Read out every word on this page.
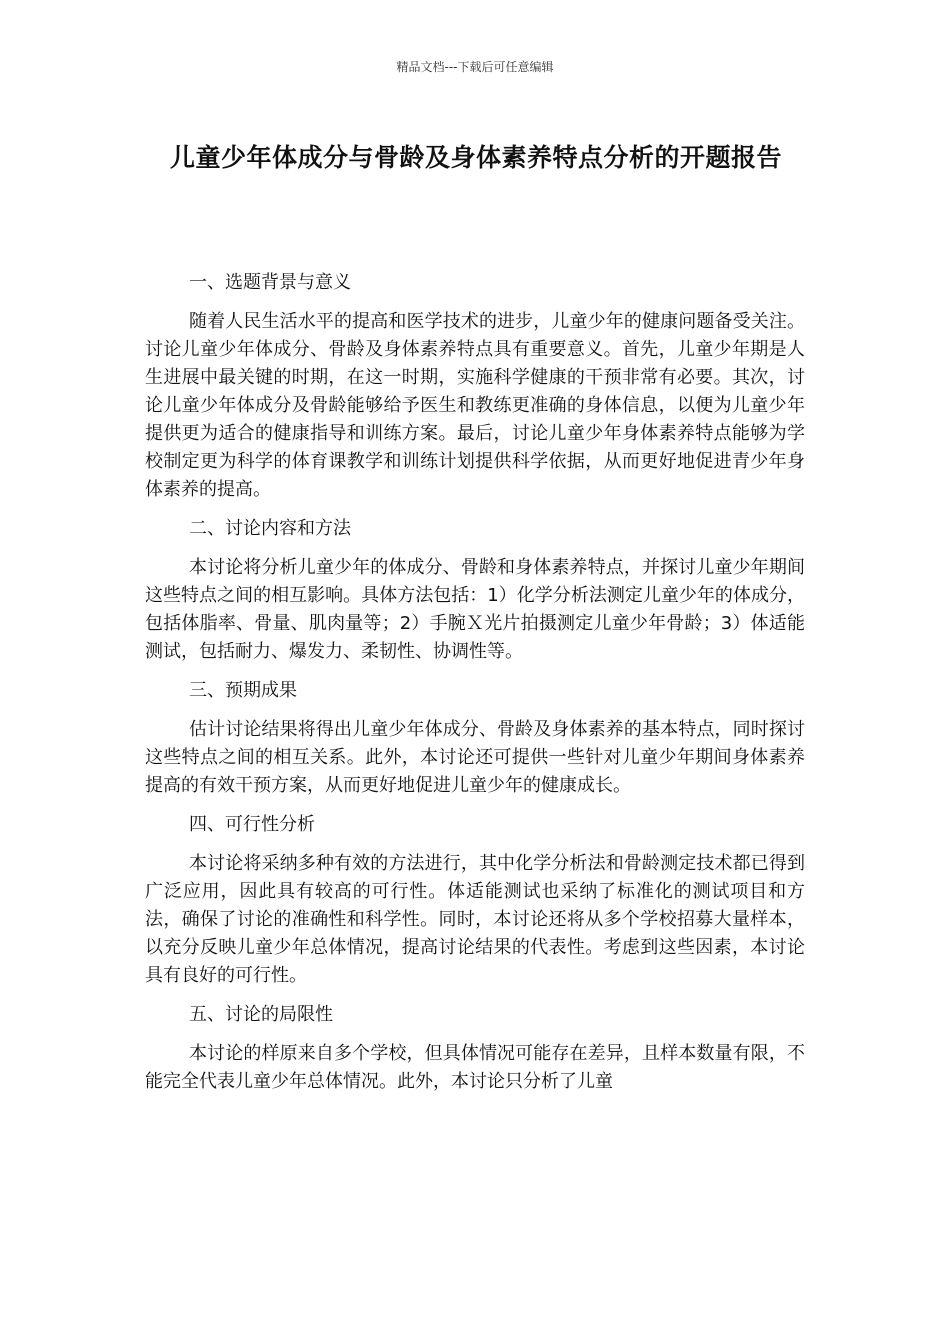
精品文档---下载后可任意编辑
儿童少年体成分与骨龄及身体素养特点分析的开题报告
一、选题背景与意义

随着人民生活水平的提高和医学技术的进步，儿童少年的健康问题备受关注。讨论儿童少年体成分、骨龄及身体素养特点具有重要意义。首先，儿童少年期是人生进展中最关键的时期，在这一时期，实施科学健康的干预非常有必要。其次，讨论儿童少年体成分及骨龄能够给予医生和教练更准确的身体信息，以便为儿童少年提供更为适合的健康指导和训练方案。最后，讨论儿童少年身体素养特点能够为学校制定更为科学的体育课教学和训练计划提供科学依据，从而更好地促进青少年身体素养的提高。

二、讨论内容和方法

本讨论将分析儿童少年的体成分、骨龄和身体素养特点，并探讨儿童少年期间这些特点之间的相互影响。具体方法包括：1）化学分析法测定儿童少年的体成分，包括体脂率、骨量、肌肉量等；2）手腕Ｘ光片拍摄测定儿童少年骨龄；3）体适能测试，包括耐力、爆发力、柔韧性、协调性等。

三、预期成果

估计讨论结果将得出儿童少年体成分、骨龄及身体素养的基本特点，同时探讨这些特点之间的相互关系。此外，本讨论还可提供一些针对儿童少年期间身体素养提高的有效干预方案，从而更好地促进儿童少年的健康成长。

四、可行性分析

本讨论将采纳多种有效的方法进行，其中化学分析法和骨龄测定技术都已得到广泛应用，因此具有较高的可行性。体适能测试也采纳了标准化的测试项目和方法，确保了讨论的准确性和科学性。同时，本讨论还将从多个学校招募大量样本，以充分反映儿童少年总体情况，提高讨论结果的代表性。考虑到这些因素，本讨论具有良好的可行性。

五、讨论的局限性

本讨论的样原来自多个学校，但具体情况可能存在差异，且样本数量有限，不能完全代表儿童少年总体情况。此外，本讨论只分析了儿童
